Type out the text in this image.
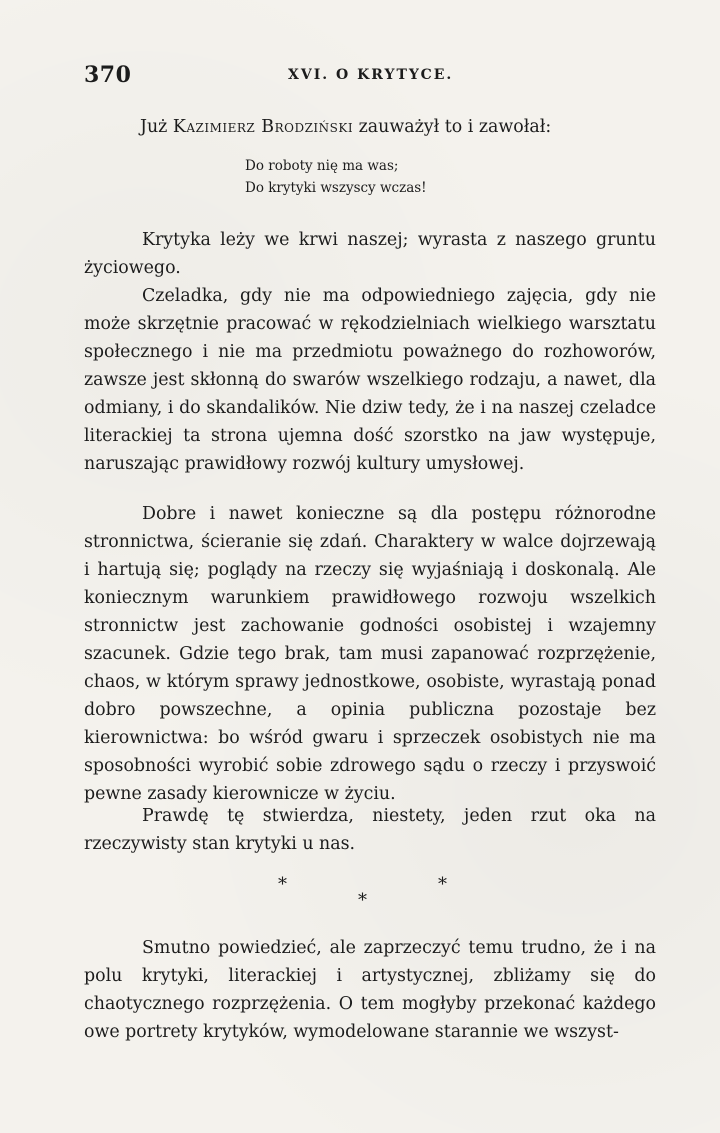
370	XVI. O KRYTYCE.

Już Kazimierz Brodziński zauważył to i zawołał:

Do roboty nię ma was;
Do krytyki wszyscy wczas!

Krytyka leży we krwi naszej; wyrasta z naszego gruntu życiowego.

Czeladka, gdy nie ma odpowiedniego zajęcia, gdy nie może skrzętnie pracować w rękodzielniach wielkiego warsztatu społecznego i nie ma przedmiotu poważnego do rozhoworów, zawsze jest skłonną do swarów wszelkiego rodzaju, a nawet, dla odmiany, i do skandalików. Nie dziw tedy, że i na naszej czeladce literackiej ta strona ujemna dość szorstko na jaw występuje, naruszając prawidłowy rozwój kultury umysłowej.

Dobre i nawet konieczne są dla postępu różnorodne stronnictwa, ścieranie się zdań. Charaktery w walce dojrzewają i hartują się; poglądy na rzeczy się wyjaśniają i doskonalą. Ale koniecznym warunkiem prawidłowego rozwoju wszelkich stronnictw jest zachowanie godności osobistej i wzajemny szacunek. Gdzie tego brak, tam musi zapanować rozprzężenie, chaos, w którym sprawy jednostkowe, osobiste, wyrastają ponad dobro powszechne, a opinia publiczna pozostaje bez kierownictwa: bo wśród gwaru i sprzeczek osobistych nie ma sposobności wyrobić sobie zdrowego sądu o rzeczy i przyswoić pewne zasady kierownicze w życiu.

Prawdę tę stwierdza, niestety, jeden rzut oka na rzeczywisty stan krytyki u nas.

*	*
*

Smutno powiedzieć, ale zaprzeczyć temu trudno, że i na polu krytyki, literackiej i artystycznej, zbliżamy się do chaotycznego rozprzężenia. O tem mogłyby przekonać każdego owe portrety krytyków, wymodelowane starannie we wszyst-
